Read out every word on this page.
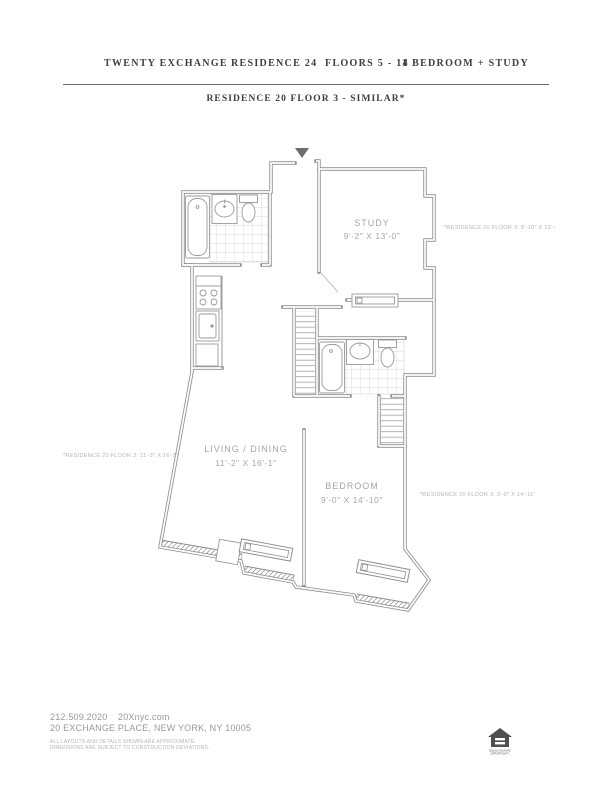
TWENTY EXCHANGE RESIDENCE 24  FLOORS 5 - 14
1 BEDROOM + STUDY
RESIDENCE 20 FLOOR 3 - SIMILAR*
STUDY
9'-2" X 13'-0"
LIVING / DINING
11'-2" X 16'-1"
BEDROOM
9'-0" X 14'-10"
*RESIDENCE 20 FLOOR 3: 8'-10" X 13'-0"
*RESIDENCE 20 FLOOR 3: 11'-3" X 16'-5"
*RESIDENCE 20 FLOOR 3: 9'-0" X 14'-11"
212.509.2020 20Xnyc.com
20 EXCHANGE PLACE, NEW YORK, NY 10005
ALL LAYOUTS AND DETAILS SHOWN ARE APPROXIMATE.
DIMENSIONS ARE SUBJECT TO CONSTRUCTION DEVIATIONS.	EQUAL HOUSING
OPPORTUNITY
